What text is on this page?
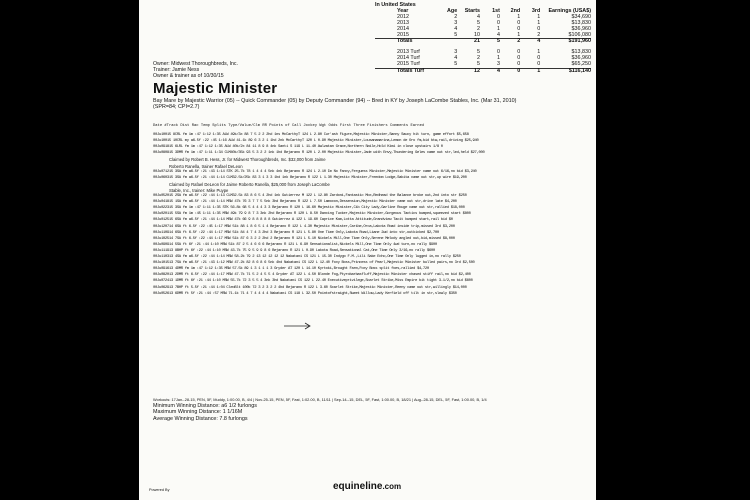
In United States						
Year	Age	Starts	1st	2nd	3rd	Earnings (USA$)
2012	2	4	0	1	1	$34,690
2013	3	5	0	0	1	$13,830
2014	4	2	1	0	0	$36,960
2015	5	10	4	1	2	$106,080
Totals		21	5	2	4	$191,960

2013 Turf	3	5	0	0	1	$13,830
2014 Turf	4	2	1	0	0	$36,960
2015 Turf	5	5	3	0	0	$65,250
Totals Turf		12	4	0	1	$116,140
Owner: Midwest Thoroughbreds, Inc.
Trainer: Jamie Ness
Owner & trainer as of 10/30/15
Majestic Minister
Bay Mare by Majestic Warrior (05) -- Quick Commander (05) by Deputy Commander (94) -- Bred in KY by Joseph LaCombe Stables, Inc. (Mar 31, 2010)
(SPR=84; CPI=2.7)
Date #Track Dist Rac Temp Splits Type/Value/Clm RR Points of Call Jockey Wgt Odds First Three Finishers Comments Earned
00Ju10015 8CRL fm 1m :47 1:12 1:35 ALW 49k/3x 88 7 5 2 2 2hd 1ns McCarthyT 124 L 2.80 Cur'ash Figure,Majestic Minister,Sanny Saucy hit turn, game effort $5,658
00Ju10015 10CRL my a6.5f :22 :45 1:16 ALW 41.1k 89 6 3 2 1 1hd 2nk McCarthyT 120 L 0.90 Majestic Minister,Lousanamarina,Lemon de Oro fm,bid btw,rail,driving $25,940
00Ju091815 6LRL fm 1m :47 1:12 1:35 ALW 40k/2x 84 11 8 9 8 4nk Santi S 119 L 11.40 Awlzatan Grace,Northern Smile,Hold Kimi in close upstairs 1/8 0
00Ju080815 3DMR fm 1m :47 1:11 1:34 CLM40k/35k 93 5 3 2 2 1nk 1hd Bejarano R 120 L 2.00 Majestic Minister,Jade with Envy,Thundering Geles came out str,led,held $27,000
Claimed by Robert B. Hess, Jr. for Midwest Thoroughbreds, Inc. $32,000 from Jaime
Roberto Ranella, trainer Rafael DeLeon
00Ju071215 3SA fm a6.5f :21 :43 1:14 STK 25.7k 78 1 4 4 4 5nk 4nk Bejarano R 124 L 2.10 Im No Fancy,Ferguess Minister,Majestic Minister came out 6/16,no bid $3,240
00Ju060315 3SA fm a6.5f :21 :44 1:14 CLM32.5k/25k 83 3 1 3 3 1hd 1nk Bejarano R 122 L 1.30 Majestic Minister,Freedom Lodge,Sabita came out str,up wire $19,200
Claimed by Rafael DeLeon for Jaime Roberto Ranella, $25,000 from Joseph LaCombe
Stable, Inc., trainer: Mike Puype
00Ju052015 2SA fm a6.5f :22 :44 1:13 CLM32.5k 83 8 6 5 4 2hd 1nk Gutierrez M 122 L 12.80 Zardoni,Fantastic Mox,Redhead the Balance broke out,2nd into str $250
00Ju041815 1SA fm a6.5f :21 :44 1:14 MSW 47k 76 3 7 7 5 5nk 3hd Bejarano R 122 L 7.50 Lamocon,Dessension,Majestic Minister came out str,drive late $4,200
00Ju022315 3SA fm 1m :47 1:11 1:35 STK 56.8k 68 5 4 4 4 3 3 Bejarano R 120 L 16.60 Majestic Minister,Cib City Lady,Garline Rouge came out str,rallied $18,000
00Ju020115 5SA fm 1m :45 1:11 1:35 MSW 49k 79 9 8 7 3 3nk 2hd Bejarano R 120 L 8.50 Dancing Tucker,Majestic Minister,Gorgeous Tactics bumped,squeezed start $800
00Ju012515 6SA fm a6.5f :21 :44 1:14 MSW 47k 66 9 8 8 8 8 8 Gutierrez A 122 L 19.60 Caprice Kom,Lotta Attitude,Grandview Tacit bumped start,rail bid $0
00Ju120714 6SA ft 6.5f :22 :45 1:17 MSW 51k 88 1 8 6 5 1 4 Bejarano R 122 L 4.30 Majestic Minister,Caribe,Orca,Lakota Road inside trip,missed 3rd $3,200
00Ju110914 6SA ft 6.5f :22 :44 1:17 MSW 51k 84 4 7 4 3 2hd 3 Bejarano R 121 L 5.80 One Time Only,Lakota Road,Liane 2wd into str,outkicked $2,700
00Ju102514 7SA ft 6.5f :22 :44 1:17 MSW 51k 87 6 3 2 2 2hd 2 Bejarano R 121 L 5.10 Nickels Mill,One Time Only,Serene Melody angled out,bid,missed $8,000
00Ju090914 5SA ft 6f :21 :44 1:10 MSW 51k 87 2 5 4 6 6 6 Bejarano R 121 L 6.90 Sensationalist,Nickels Mill,One Time Only 4wd turn,no rally $900
00Ju111913 8BHP ft 6f :22 :44 1:10 MSW 43.7k 75 9 5 9 9 8 6 Bejarano R 121 L 0.90 Lakota Road,Sensational Cat,One Time Only 3/16,no rally $600
00Ju110313 4SA fm a6.5f :22 :44 1:14 MSW 58.2k 79 2 13 12 12 12 12 Nakatani CS 121 L 15.30 Indygo F.M.,Lili Sake Echo,One Time Only lugged in,no rally $250
00Ju101513 7SA fm a6.5f :21 :43 1:12 MSW 47.2k 82 8 6 8 6 5nk 4hd Nakatani CS 122 L 12.40 Foxy Boss,Princess of Pearl,Majestic Minister bulled pairs,no 3rd $2,500
00Ju091613 4DMR fm 1m :47 1:12 1:35 MSW 57.5k 89 1 3 1 1 1 3 Gryder AT 120 L 14.10 Kyrtoki,Brought Farm,Foxy Boss split foes,rallied $4,720
00Ju082013 2DMR ft 6.5f :22 :44 1:17 MSW 47.7k 71 5 2 4 5 5 4 Gryder AT 122 L 4.50 Blonde Fog,Ptyrobarbasfluff,Majestic Minister chased stiff rail,no bid $2,400
00Ju072413 1DMR ft 6f :21 :44 1:10 MSW 55.7k 72 3 5 5 4 3nk 3hd Nakatani CS 122 L 22.40 Executiveprivilege,Scarlet Strike,Miss Empire bit tight 3-1/2,no bid $600
00Ju062913 7BHP ft 5.5f :21 :44 1:04 CleoBlt 100k 72 3 2 3 2 2 4hd Bejarano R 122 L 3.60 Scarlet Strike,Majestic Minister,Reeny came out str,willingly $14,000
00Ju052613 6DMR ft 5f :21 :44 :57 MSW 71.1k 71 4 7 4 4 4 4 Nakatani CS 118 L 32.50 Pointofstraight,Sweet Willow,Lady Kerfield off tilt in str,slowly $350
Workouts: 17Jan--28-15, PEN, 5F, Muddy, 1:00.00, B, 4/4 | Nov-25-15, PEN, 5F, Fast, 1:02.00, B, 11/11 | Sep-14--15, DEL, 5F, Fast, 1:00.00, B, 18/21 | Aug--28-15, DEL, 5F, Fast, 1:00.00, B, 1/4
Minimum Winning Distance: a6 1/2 furlongs
Maximum Winning Distance: 1 1/16M
Average Winning Distance: 7.8 furlongs
Powered By	equineline.com
